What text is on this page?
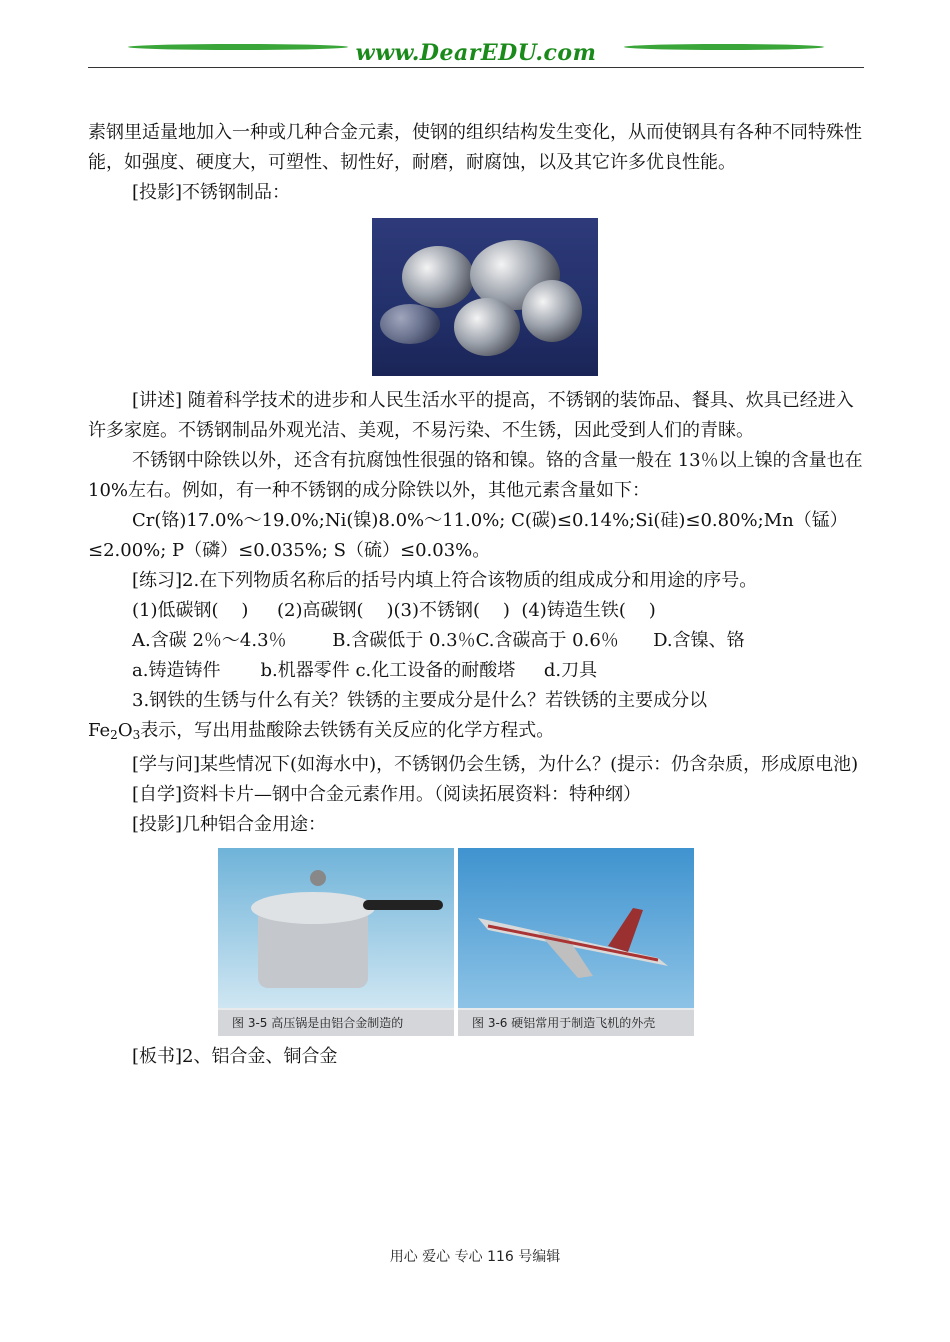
www.DearEDU.com

素钢里适量地加入一种或几种合金元素，使钢的组织结构发生变化，从而使钢具有各种不同特殊性能，如强度、硬度大，可塑性、韧性好，耐磨，耐腐蚀，以及其它许多优良性能。

[投影]不锈钢制品：

[讲述] 随着科学技术的进步和人民生活水平的提高，不锈钢的装饰品、餐具、炊具已经进入许多家庭。不锈钢制品外观光洁、美观，不易污染、不生锈，因此受到人们的青睐。

不锈钢中除铁以外，还含有抗腐蚀性很强的铬和镍。铬的含量一般在 13％以上镍的含量也在 10%左右。例如，有一种不锈钢的成分除铁以外，其他元素含量如下：

Cr(铬)17.0%～19.0%;Ni(镍)8.0%～11.0%; C(碳)≤0.14%;Si(硅)≤0.80%;Mn（锰）≤2.00%; P（磷）≤0.035%; S（硫）≤0.03%。

[练习]2.在下列物质名称后的括号内填上符合该物质的组成成分和用途的序号。

(1)低碳钢(    )     (2)高碳钢(    )(3)不锈钢(    )  (4)铸造生铁(    )

A.含碳 2％～4.3％        B.含碳低于 0.3％C.含碳高于 0.6％      D.含镍、铬

a.铸造铸件       b.机器零件 c.化工设备的耐酸塔     d.刀具

3.钢铁的生锈与什么有关？铁锈的主要成分是什么？若铁锈的主要成分以

$Fe_2O_3$表示，写出用盐酸除去铁锈有关反应的化学方程式。

[学与问]某些情况下(如海水中)，不锈钢仍会生锈，为什么？(提示：仍含杂质，形成原电池)

[自学]资料卡片—钢中合金元素作用。（阅读拓展资料：特种纲）

[投影]几种铝合金用途：

图 3-5 高压锅是由铝合金制造的	图 3-6 硬铝常用于制造飞机的外壳

[板书]2、铝合金、铜合金

用心 爱心 专心 116 号编辑
